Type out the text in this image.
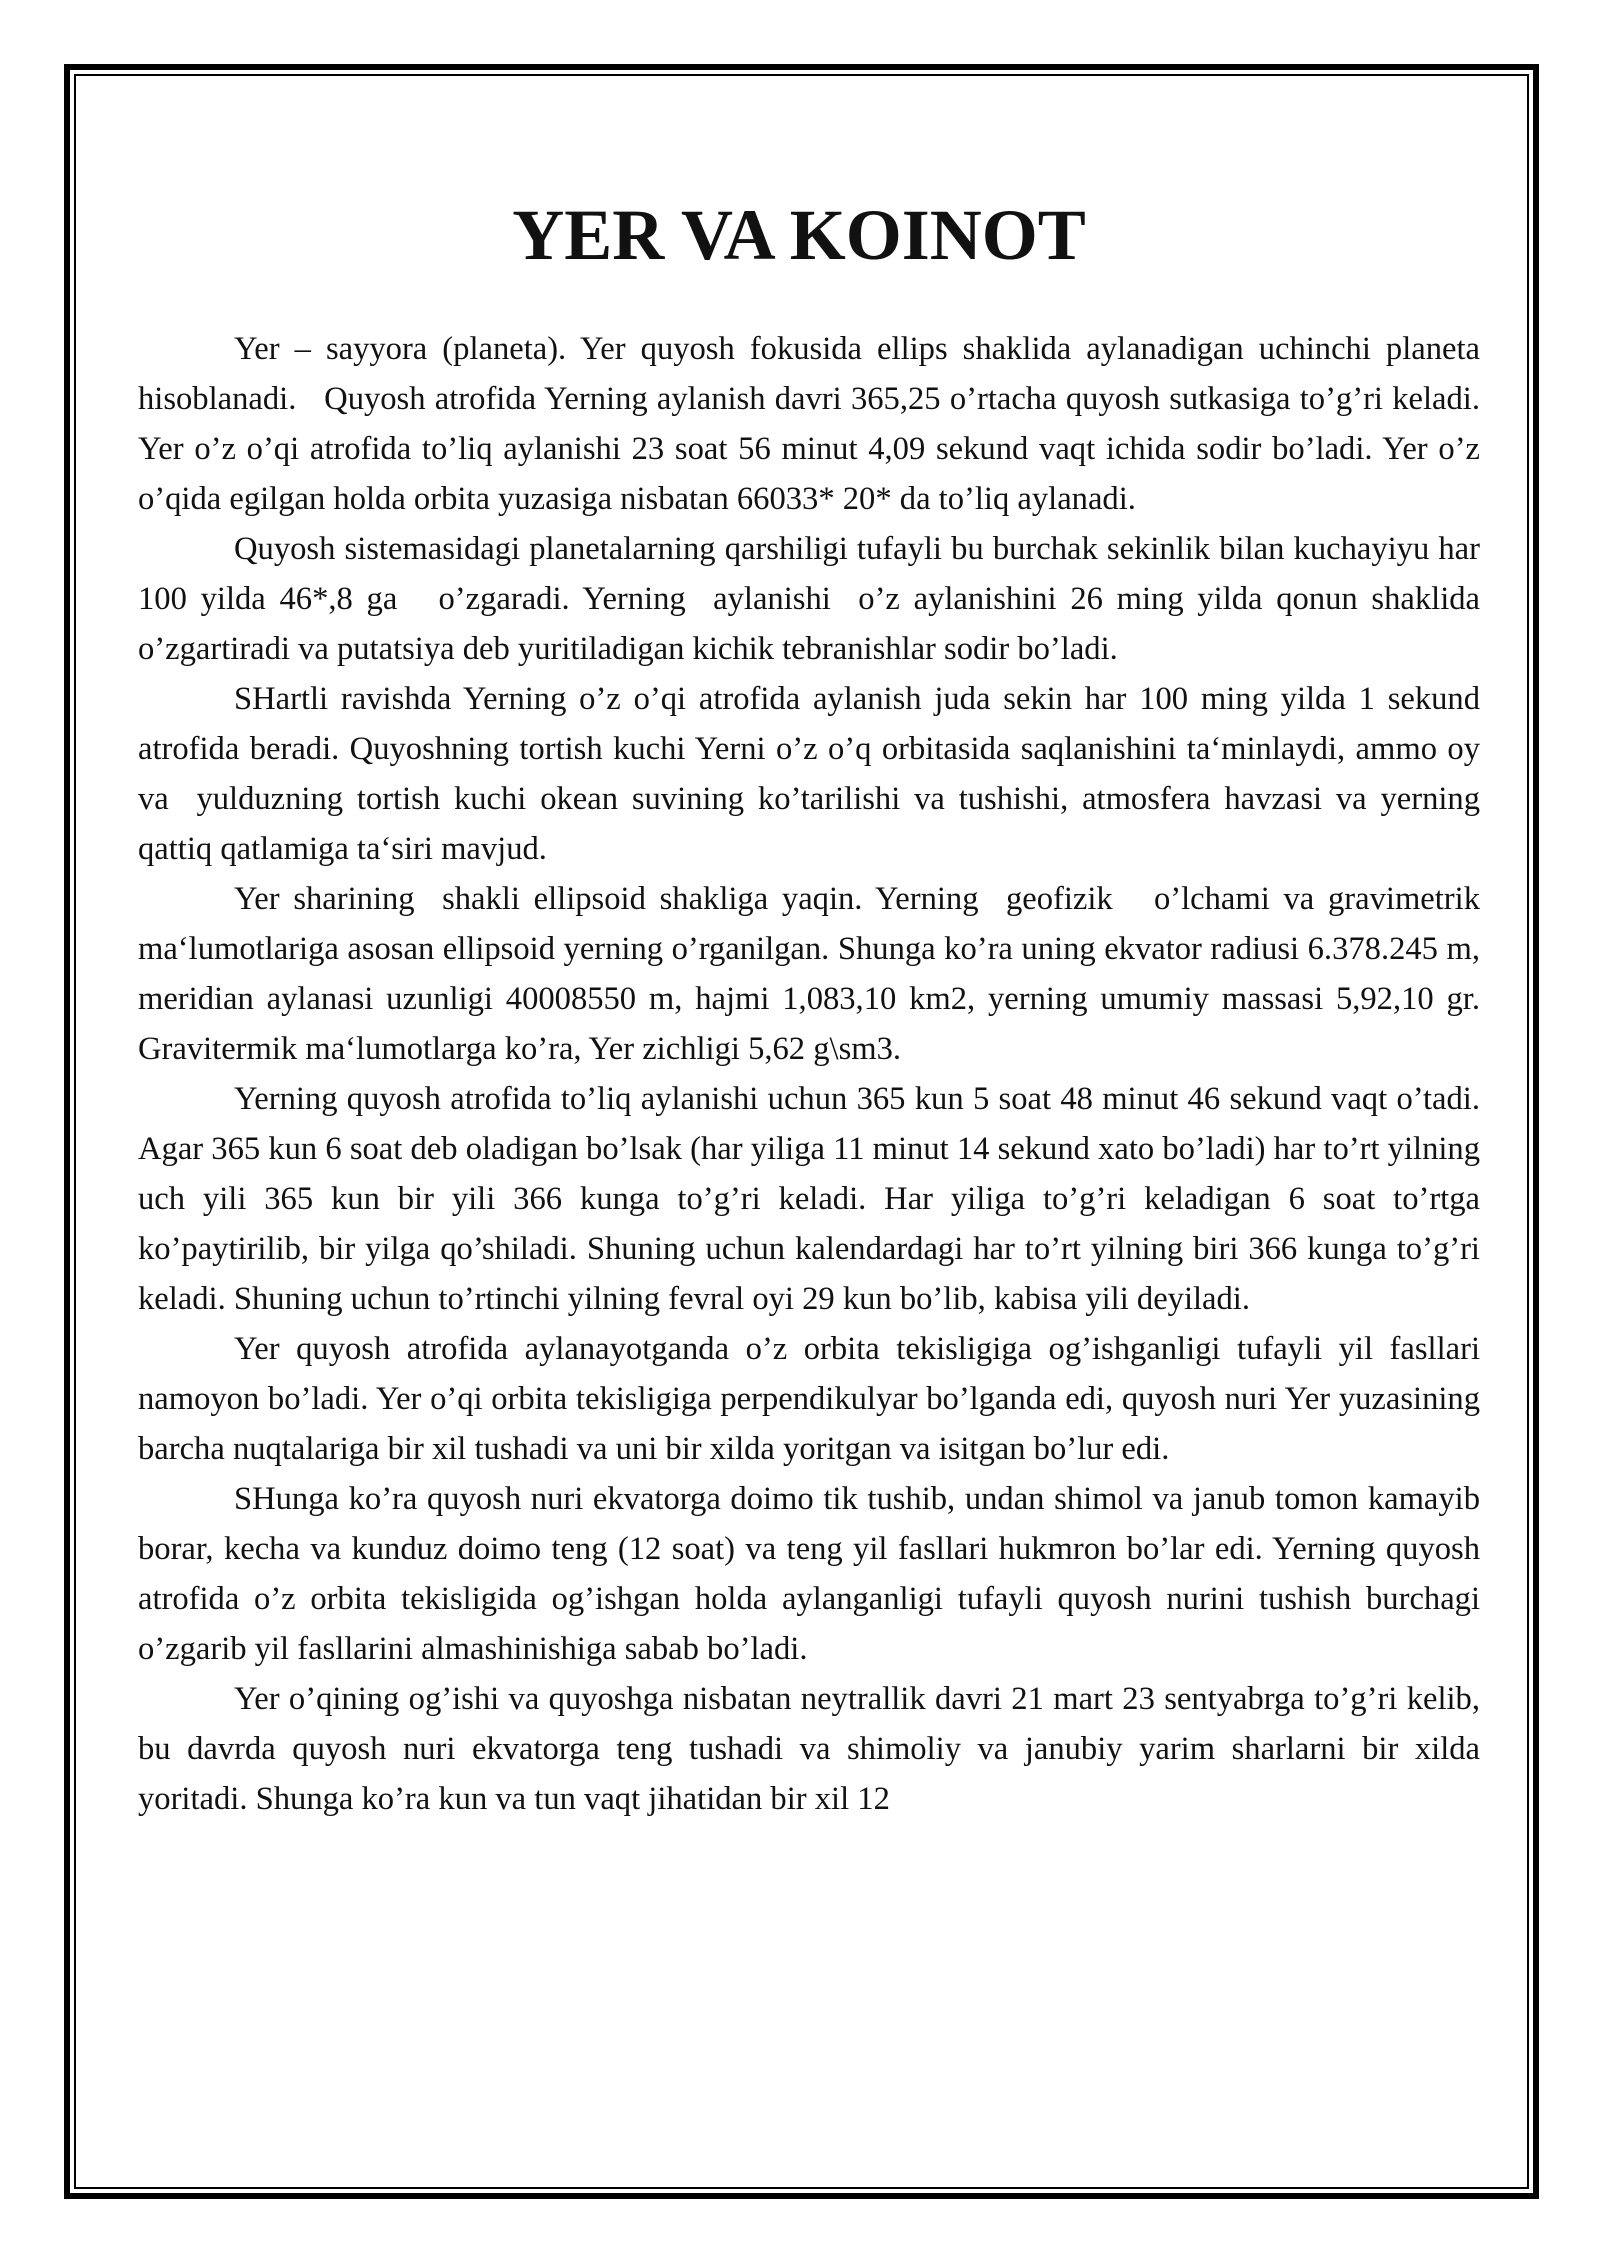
YER VA KOINOT

Yer – sayyora (planeta). Yer quyosh fokusida ellips shaklida aylanadigan uchinchi planeta hisoblanadi.   Quyosh atrofida Yerning aylanish davri 365,25 o’rtacha quyosh sutkasiga to’g’ri keladi. Yer o’z o’qi atrofida to’liq aylanishi 23 soat 56 minut 4,09 sekund vaqt ichida sodir bo’ladi. Yer o’z o’qida egilgan holda orbita yuzasiga nisbatan 66033* 20* da to’liq aylanadi.

Quyosh sistemasidagi planetalarning qarshiligi tufayli bu burchak sekinlik bilan kuchayiyu har 100 yilda 46*,8 ga   o’zgaradi. Yerning  aylanishi  o’z aylanishini 26 ming yilda qonun shaklida o’zgartiradi va putatsiya deb yuritiladigan kichik tebranishlar sodir bo’ladi.

SHartli ravishda Yerning o’z o’qi atrofida aylanish juda sekin har 100 ming yilda 1 sekund atrofida beradi. Quyoshning tortish kuchi Yerni o’z o’q orbitasida saqlanishini ta‘minlaydi, ammo oy va  yulduzning tortish kuchi okean suvining ko’tarilishi va tushishi, atmosfera havzasi va yerning qattiq qatlamiga ta‘siri mavjud.

Yer sharining  shakli ellipsoid shakliga yaqin. Yerning  geofizik   o’lchami va gravimetrik ma‘lumotlariga asosan ellipsoid yerning o’rganilgan. Shunga ko’ra uning ekvator radiusi 6.378.245 m, meridian aylanasi uzunligi 40008550 m, hajmi 1,083,10 km2, yerning umumiy massasi 5,92,10 gr. Gravitermik ma‘lumotlarga ko’ra, Yer zichligi 5,62 g\sm3.

Yerning quyosh atrofida to’liq aylanishi uchun 365 kun 5 soat 48 minut 46 sekund vaqt o’tadi. Agar 365 kun 6 soat deb oladigan bo’lsak (har yiliga 11 minut 14 sekund xato bo’ladi) har to’rt yilning uch yili 365 kun bir yili 366 kunga to’g’ri keladi. Har yiliga to’g’ri keladigan 6 soat to’rtga ko’paytirilib, bir yilga qo’shiladi. Shuning uchun kalendardagi har to’rt yilning biri 366 kunga to’g’ri keladi. Shuning uchun to’rtinchi yilning fevral oyi 29 kun bo’lib, kabisa yili deyiladi.

Yer quyosh atrofida aylanayotganda o’z orbita tekisligiga og’ishganligi tufayli yil fasllari namoyon bo’ladi. Yer o’qi orbita tekisligiga perpendikulyar bo’lganda edi, quyosh nuri Yer yuzasining barcha nuqtalariga bir xil tushadi va uni bir xilda yoritgan va isitgan bo’lur edi.

SHunga ko’ra quyosh nuri ekvatorga doimo tik tushib, undan shimol va janub tomon kamayib borar, kecha va kunduz doimo teng (12 soat) va teng yil fasllari hukmron bo’lar edi. Yerning quyosh atrofida o’z orbita tekisligida og’ishgan holda aylanganligi tufayli quyosh nurini tushish burchagi o’zgarib yil fasllarini almashinishiga sabab bo’ladi.

Yer o’qining og’ishi va quyoshga nisbatan neytrallik davri 21 mart 23 sentyabrga to’g’ri kelib, bu davrda quyosh nuri ekvatorga teng tushadi va shimoliy va janubiy yarim sharlarni bir xilda yoritadi. Shunga ko’ra kun va tun vaqt jihatidan bir xil 12
